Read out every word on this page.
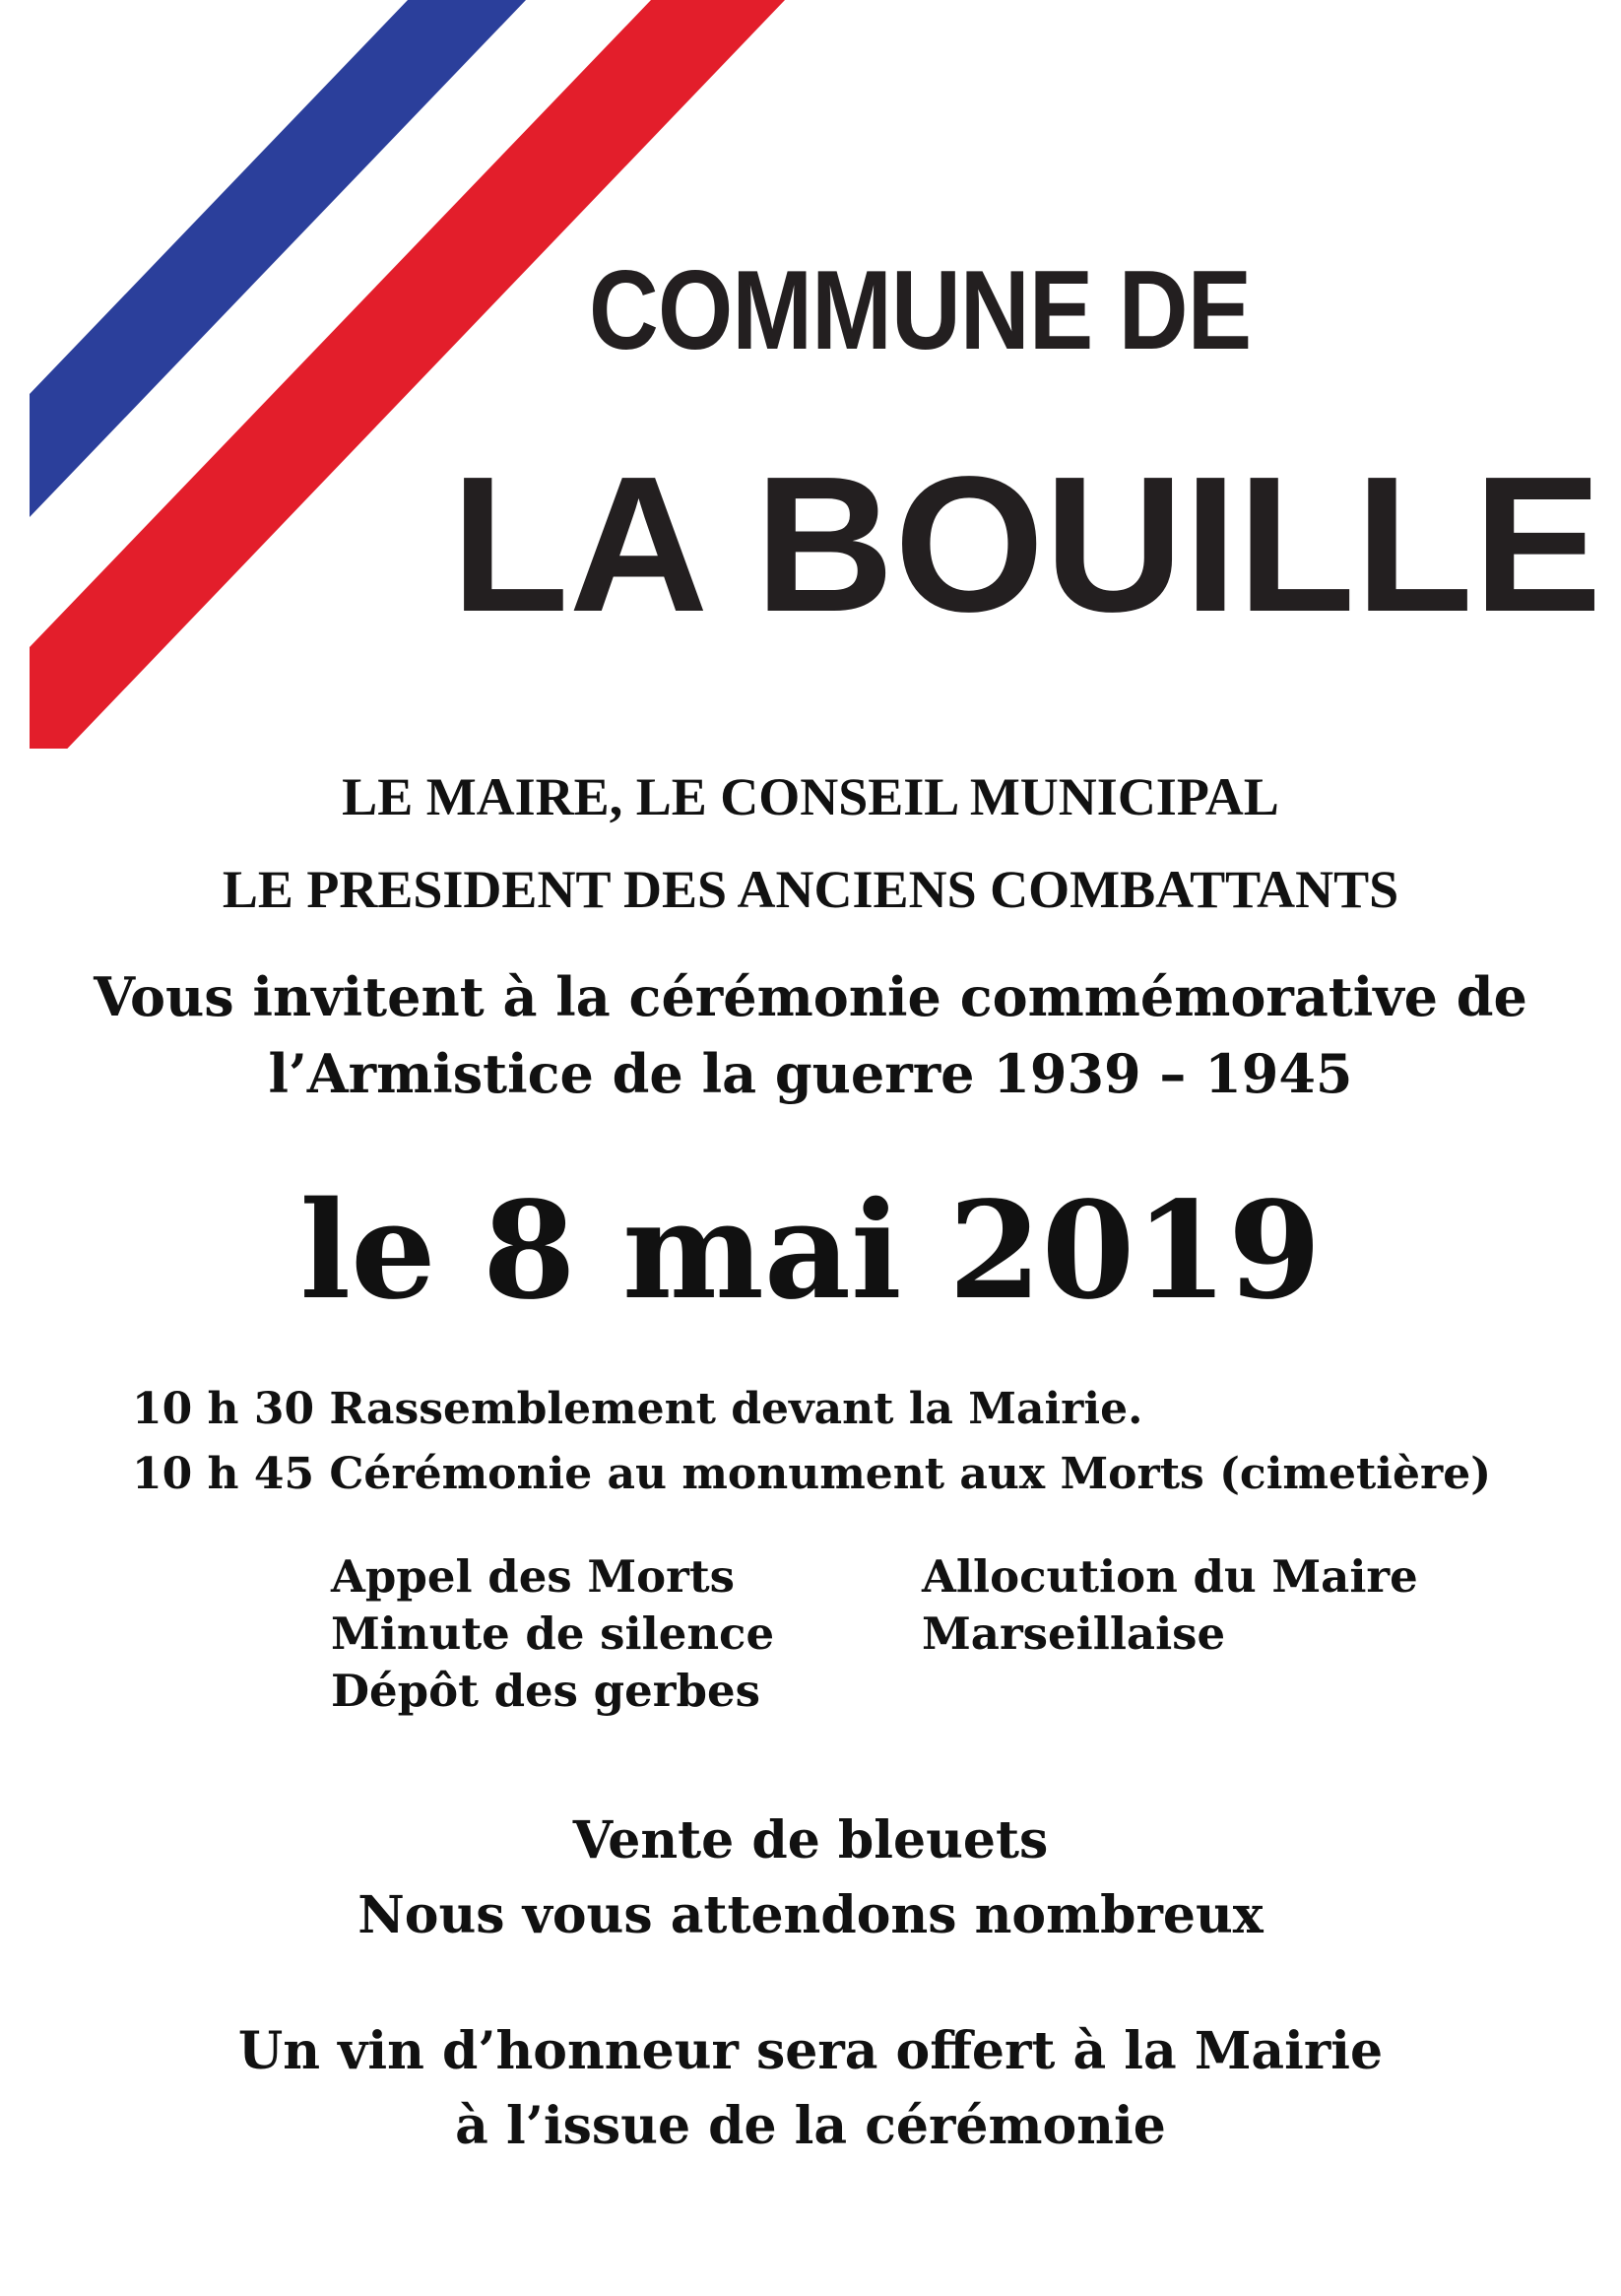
COMMUNE DE
LA BOUILLE
LE MAIRE, LE CONSEIL MUNICIPAL
LE PRESIDENT DES ANCIENS COMBATTANTS
Vous invitent à la cérémonie commémorative de
l’Armistice de la guerre 1939 – 1945
le 8 mai 2019
10 h 30 Rassemblement devant la Mairie.
10 h 45 Cérémonie au monument aux Morts (cimetière)
Appel des Morts
Minute de silence
Dépôt des gerbes
Allocution du Maire
Marseillaise
Vente de bleuets
Nous vous attendons nombreux
Un vin d’honneur sera offert à la Mairie
à l’issue de la cérémonie
